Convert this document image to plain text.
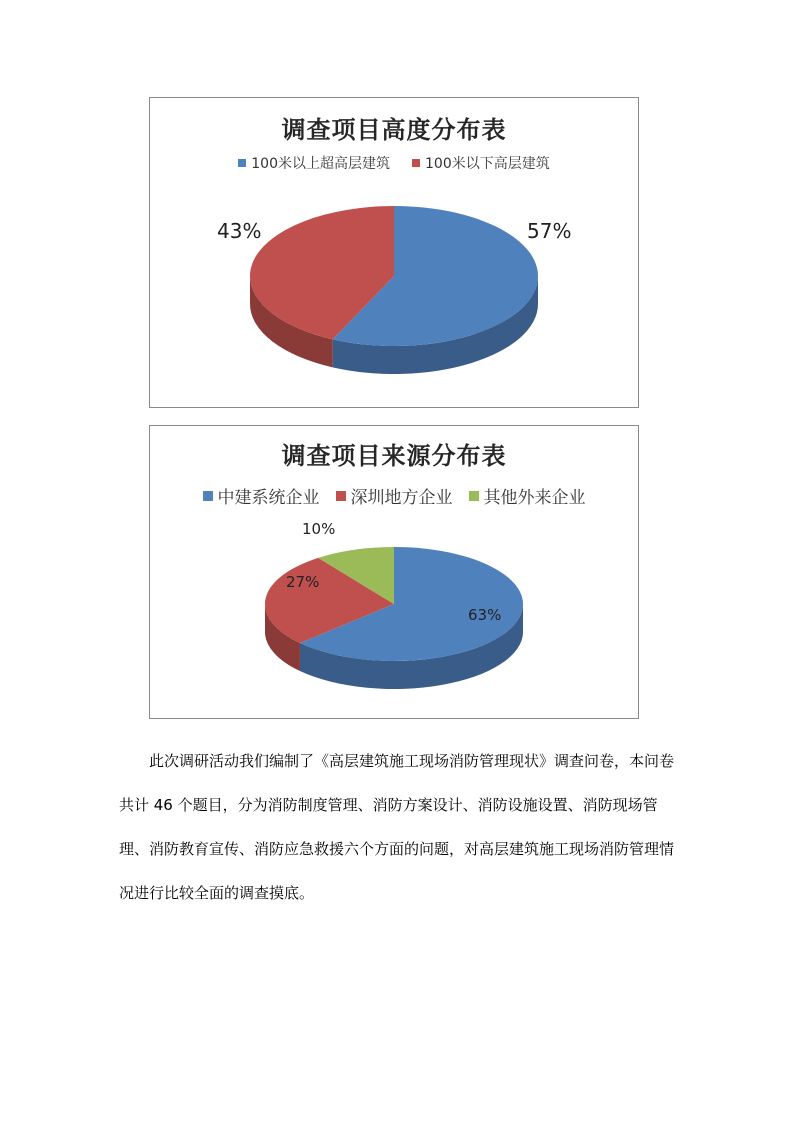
调查项目高度分布表
100米以上超高层建筑	100米以下高层建筑
57%
43%
调查项目来源分布表
中建系统企业 深圳地方企业 其他外来企业
63%
27%
10%

此次调研活动我们编制了《高层建筑施工现场消防管理现状》调查问卷，本问卷共计 46 个题目，分为消防制度管理、消防方案设计、消防设施设置、消防现场管理、消防教育宣传、消防应急救援六个方面的问题，对高层建筑施工现场消防管理情况进行比较全面的调查摸底。
